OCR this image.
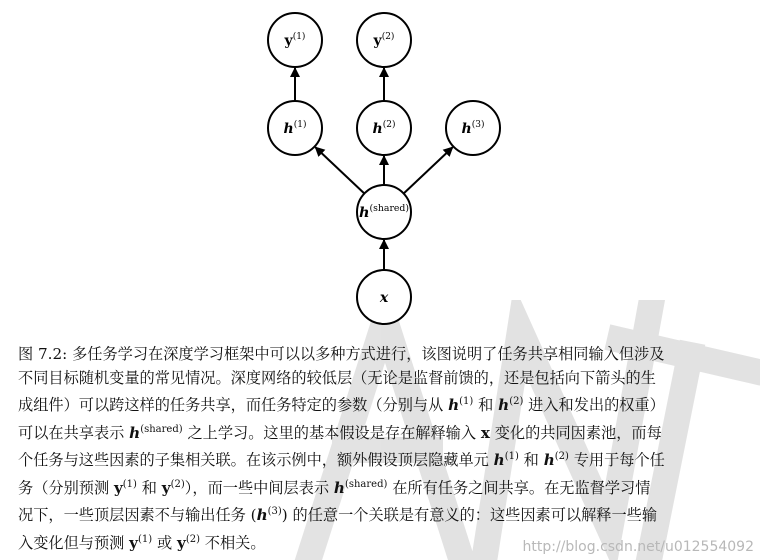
$y^{(1)}$	$y^{(2)}$
$h^{(1)}$	$h^{(2)}$	$h^{(3)}$
$h^{(shared)}$
x
图 7.2: 多任务学习在深度学习框架中可以以多种方式进行，该图说明了任务共享相同输入但涉及
不同目标随机变量的常见情况。深度网络的较低层（无论是监督前馈的，还是包括向下箭头的生
成组件）可以跨这样的任务共享，而任务特定的参数（分别与从 $h^{(1)}$ 和 $h^{(2)}$ 进入和发出的权重）
可以在共享表示 $h^{(shared)}$ 之上学习。这里的基本假设是存在解释输入 x 变化的共同因素池，而每
个任务与这些因素的子集相关联。在该示例中，额外假设顶层隐藏单元 $h^{(1)}$ 和 $h^{(2)}$ 专用于每个任
务（分别预测 $y^{(1)}$ 和 $y^{(2)}$），而一些中间层表示 $h^{(shared)}$ 在所有任务之间共享。在无监督学习情
况下，一些顶层因素不与输出任务 $(h^{(3)})$ 的任意一个关联是有意义的：这些因素可以解释一些输
入变化但与预测 $y^{(1)}$ 或 $y^{(2)}$ 不相关。	http://blog.csdn.net/u012554092
